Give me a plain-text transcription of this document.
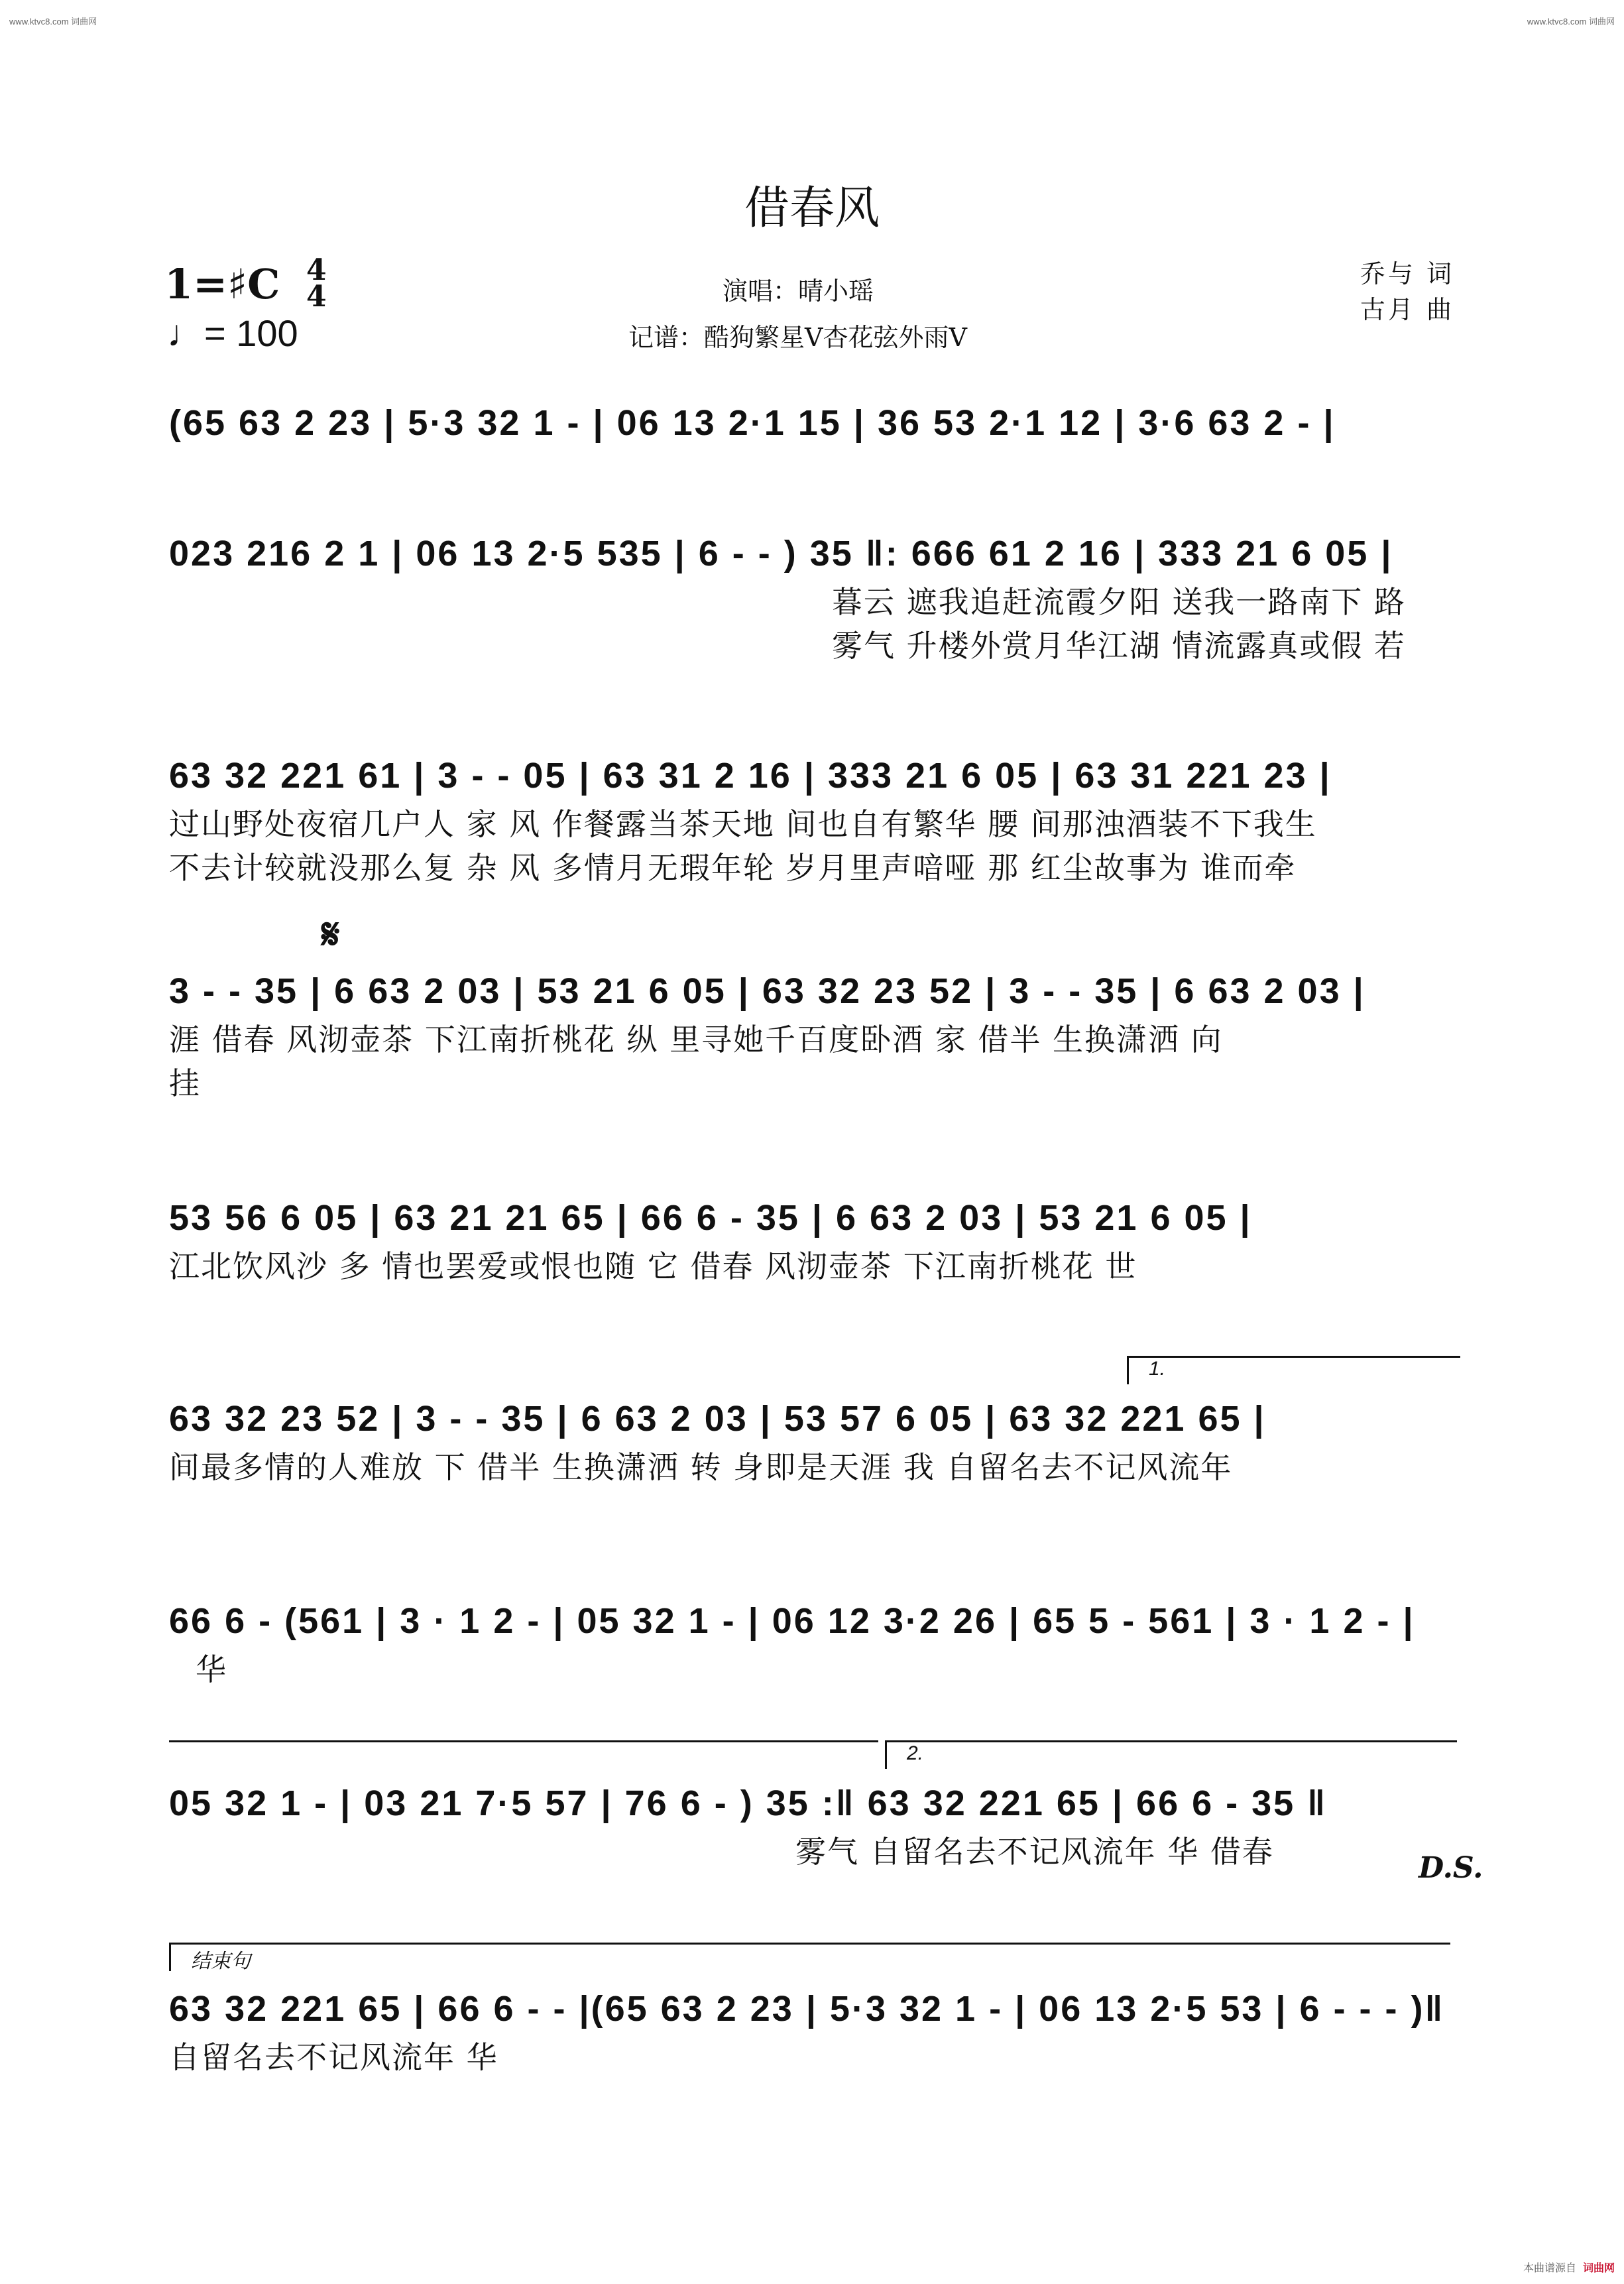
www.ktvc8.com 词曲网	www.ktvc8.com 词曲网
借春风
1=♯C 4
4
♩= 100
演唱：晴小瑶
记谱：酷狗繁星V杏花弦外雨V
乔与 词
古月 曲
(65 63 2 23 | 5·3 32 1 - | 06 13 2·1 15 | 36 53 2·1 12 | 3·6 63 2 - |
023 216 2 1 | 06 13 2·5 535 | 6 - - ) 35 ‖: 666 61 2 16 | 333 21 6 05 |
暮云 遮我追赶流霞夕阳 送我一路南下 路
雾气 升楼外赏月华江湖 情流露真或假 若
63 32 221 61 | 3 - - 05 | 63 31 2 16 | 333 21 6 05 | 63 31 221 23 |
过山野处夜宿几户人 家 风 作餐露当茶天地 间也自有繁华 腰 间那浊酒装不下我生
不去计较就没那么复 杂 风 多情月无瑕年轮 岁月里声喑哑 那 红尘故事为 谁而牵
𝄋
3 - - 35 | 6 63 2 03 | 53 21 6 05 | 63 32 23 52 | 3 - - 35 | 6 63 2 03 |
涯 借春 风沏壶茶 下江南折桃花 纵 里寻她千百度卧酒 家 借半 生换潇洒 向
挂
53 56 6 05 | 63 21 21 65 | 66 6 - 35 | 6 63 2 03 | 53 21 6 05 |
江北饮风沙 多 情也罢爱或恨也随 它 借春 风沏壶茶 下江南折桃花 世
1.
63 32 23 52 | 3 - - 35 | 6 63 2 03 | 53 57 6 05 | 63 32 221 65 |
间最多情的人难放 下 借半 生换潇洒 转 身即是天涯 我 自留名去不记风流年
66 6 - (561 | 3 · 1 2 - | 05 32 1 - | 06 12 3·2 26 | 65 5 - 561 | 3 · 1 2 - |
华
2.
05 32 1 - | 03 21 7·5 57 | 76 6 - ) 35 :‖ 63 32 221 65 | 66 6 - 35 ‖
雾气 自留名去不记风流年 华 借春	D.S.
结束句
63 32 221 65 | 66 6 - - |(65 63 2 23 | 5·3 32 1 - | 06 13 2·5 53 | 6 - - - )‖
自留名去不记风流年 华
本曲谱源自 词曲网
